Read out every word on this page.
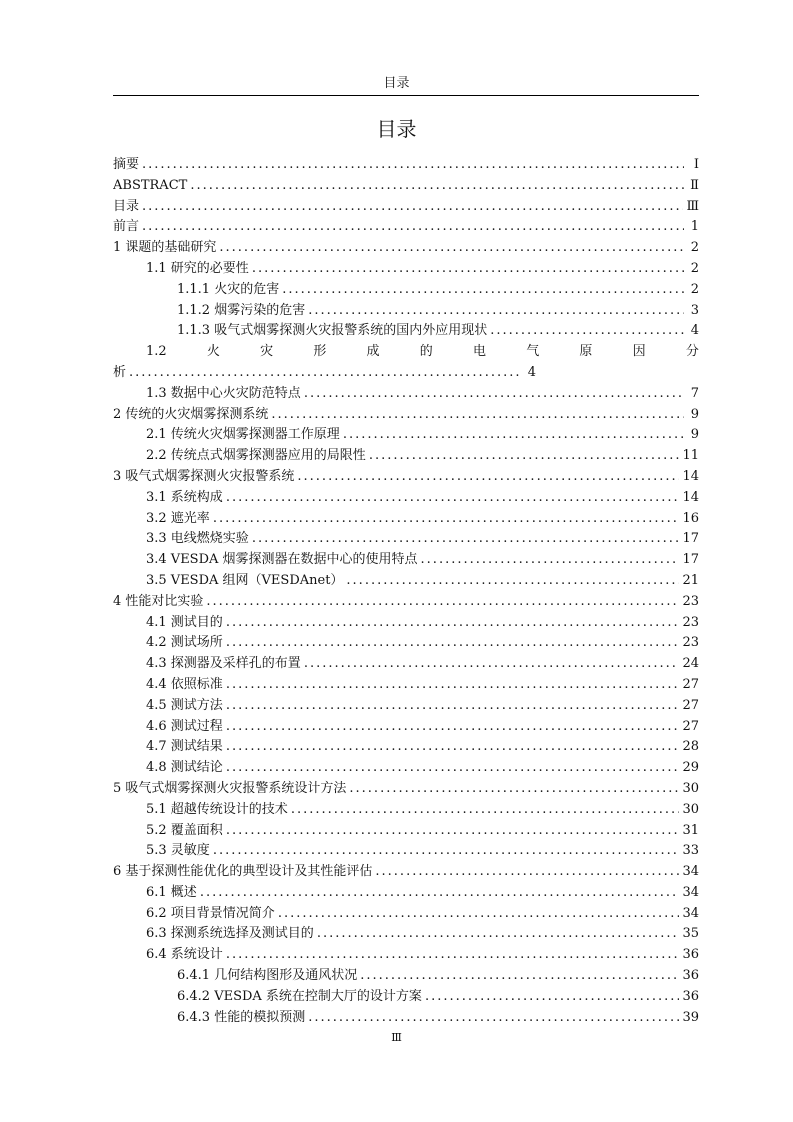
目录
目录
摘要 .....	I
ABSTRACT .....	Ⅱ
目录 .....	Ⅲ
前言 .....	1
1 课题的基础研究 .....	2
1.1 研究的必要性 .....	2
1.1.1 火灾的危害 .....	2
1.1.2 烟雾污染的危害 .....	3
1.1.3 吸气式烟雾探测火灾报警系统的国内外应用现状 .....	4
1.2	火	灾	形	成	的	电	气	原	因	分
析 .....	4
1.3 数据中心火灾防范特点 .....	7
2 传统的火灾烟雾探测系统 .....	9
2.1 传统火灾烟雾探测器工作原理 .....	9
2.2 传统点式烟雾探测器应用的局限性 .....	11
3 吸气式烟雾探测火灾报警系统 .....	14
3.1 系统构成 .....	14
3.2 遮光率 .....	16
3.3 电线燃烧实验 .....	17
3.4 VESDA 烟雾探测器在数据中心的使用特点 .....	17
3.5 VESDA 组网（VESDAnet） .....	21
4 性能对比实验 .....	23
4.1 测试目的 .....	23
4.2 测试场所 .....	23
4.3 探测器及采样孔的布置 .....	24
4.4 依照标准 .....	27
4.5 测试方法 .....	27
4.6 测试过程 .....	27
4.7 测试结果 .....	28
4.8 测试结论 .....	29
5 吸气式烟雾探测火灾报警系统设计方法 .....	30
5.1 超越传统设计的技术 .....	30
5.2 覆盖面积 .....	31
5.3 灵敏度 .....	33
6 基于探测性能优化的典型设计及其性能评估 .....	34
6.1 概述 .....	34
6.2 项目背景情况简介 .....	34
6.3 探测系统选择及测试目的 .....	35
6.4 系统设计 .....	36
6.4.1 几何结构图形及通风状况 .....	36
6.4.2 VESDA 系统在控制大厅的设计方案 .....	36
6.4.3 性能的模拟预测 .....	39
Ⅲ
